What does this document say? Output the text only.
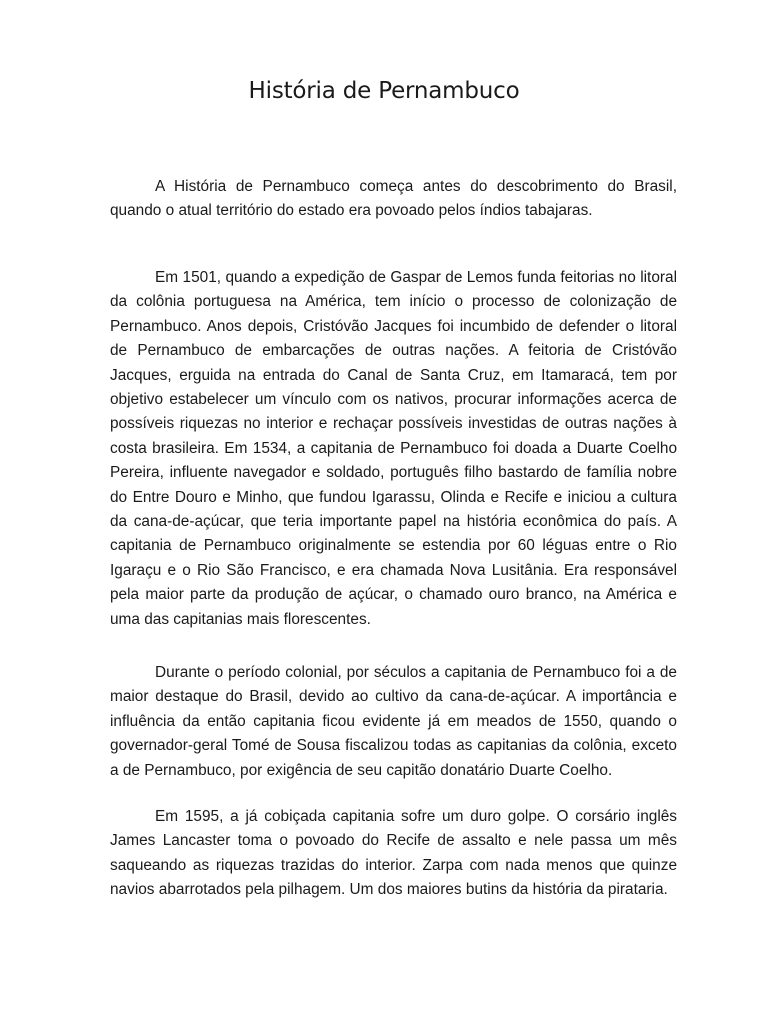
História de Pernambuco

A História de Pernambuco começa antes do descobrimento do Brasil, quando o atual território do estado era povoado pelos índios tabajaras.

Em 1501, quando a expedição de Gaspar de Lemos funda feitorias no litoral da colônia portuguesa na América, tem início o processo de colonização de Pernambuco. Anos depois, Cristóvão Jacques foi incumbido de defender o litoral de Pernambuco de embarcações de outras nações. A feitoria de Cristóvão Jacques, erguida na entrada do Canal de Santa Cruz, em Itamaracá, tem por objetivo estabelecer um vínculo com os nativos, procurar informações acerca de possíveis riquezas no interior e rechaçar possíveis investidas de outras nações à costa brasileira. Em 1534, a capitania de Pernambuco foi doada a Duarte Coelho Pereira, influente navegador e soldado, português filho bastardo de família nobre do Entre Douro e Minho, que fundou Igarassu, Olinda e Recife e iniciou a cultura da cana-de-açúcar, que teria importante papel na história econômica do país. A capitania de Pernambuco originalmente se estendia por 60 léguas entre o Rio Igaraçu e o Rio São Francisco, e era chamada Nova Lusitânia. Era responsável pela maior parte da produção de açúcar, o chamado ouro branco, na América e uma das capitanias mais florescentes.

Durante o período colonial, por séculos a capitania de Pernambuco foi a de maior destaque do Brasil, devido ao cultivo da cana-de-açúcar. A importância e influência da então capitania ficou evidente já em meados de 1550, quando o governador-geral Tomé de Sousa fiscalizou todas as capitanias da colônia, exceto a de Pernambuco, por exigência de seu capitão donatário Duarte Coelho.

Em 1595, a já cobiçada capitania sofre um duro golpe. O corsário inglês James Lancaster toma o povoado do Recife de assalto e nele passa um mês saqueando as riquezas trazidas do interior. Zarpa com nada menos que quinze navios abarrotados pela pilhagem. Um dos maiores butins da história da pirataria.
